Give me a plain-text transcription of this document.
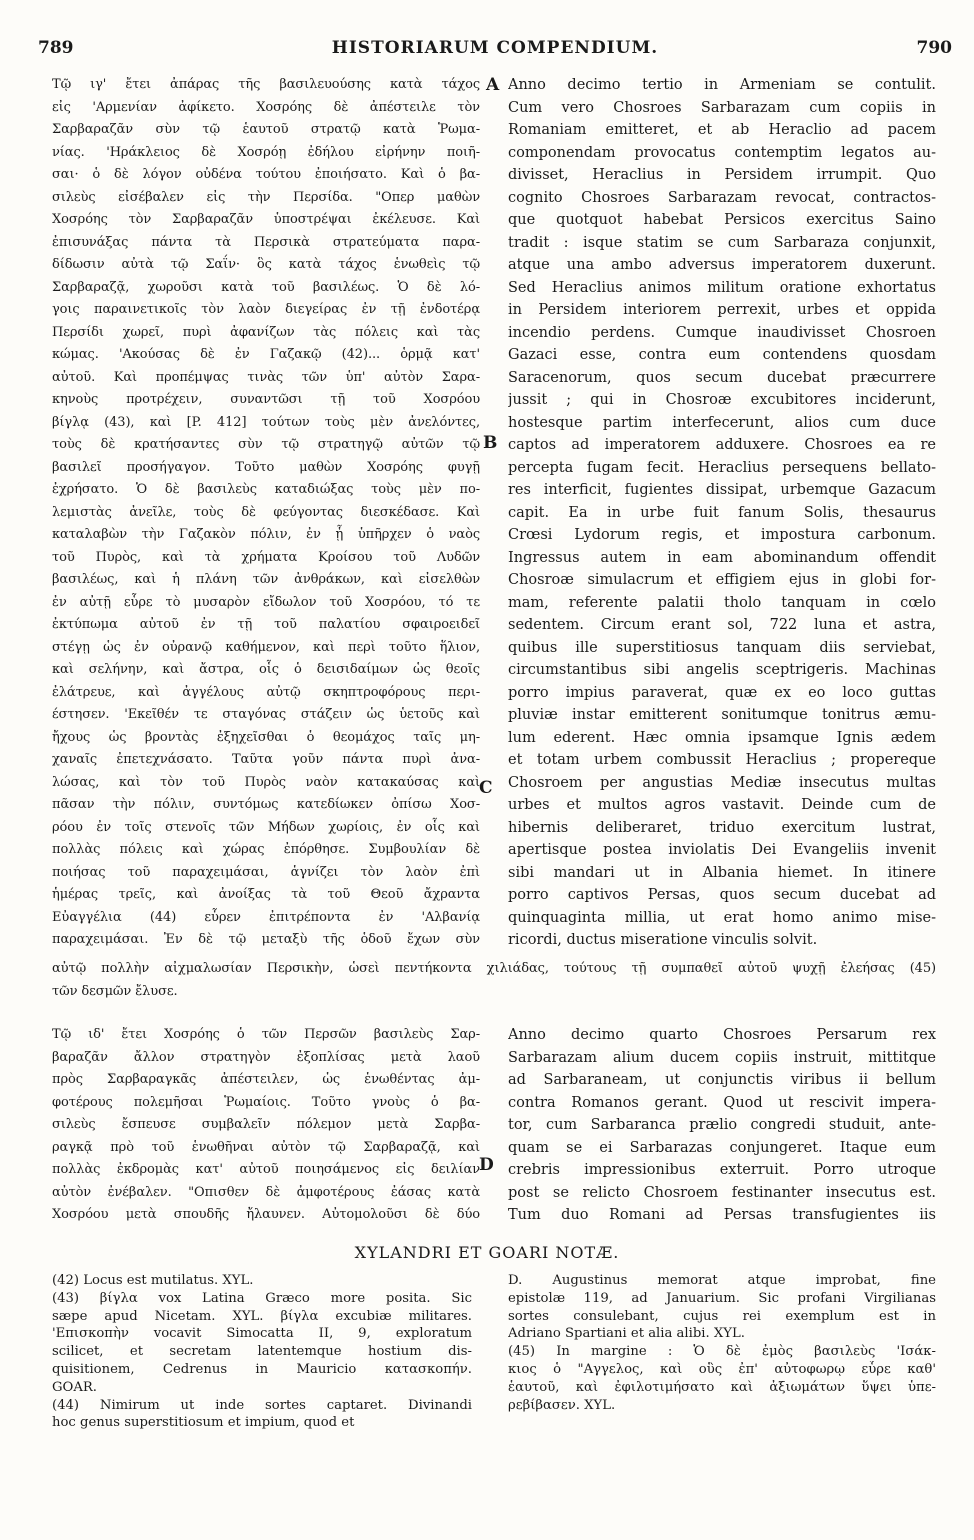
789	HISTORIARUM COMPENDIUM.	790
Τῷ ιγ' ἔτει ἀπάρας τῆς βασιλευούσης κατὰ τάχος
εἰς 'Αρμενίαν ἀφίκετο. Χοσρόης δὲ ἀπέστειλε τὸν
Σαρβαραζᾶν σὺν τῷ ἑαυτοῦ στρατῷ κατὰ Ῥωμα-
νίας. 'Ηράκλειος δὲ Χοσρόῃ ἐδήλου εἰρήνην ποιῆ-
σαι· ὁ δὲ λόγον οὐδένα τούτου ἐποιήσατο. Καὶ ὁ βα-
σιλεὺς εἰσέβαλεν εἰς τὴν Περσίδα. "Οπερ μαθὼν
Χοσρόης τὸν Σαρβαραζᾶν ὑποστρέψαι ἐκέλευσε. Καὶ
ἐπισυνάξας πάντα τὰ Περσικὰ στρατεύματα παρα-
δίδωσιν αὐτὰ τῷ Σαΐν· ὃς κατὰ τάχος ἑνωθεὶς τῷ
Σαρβαραζᾷ, χωροῦσι κατὰ τοῦ βασιλέως. Ὁ δὲ λό-
γοις παραινετικοῖς τὸν λαὸν διεγείρας ἐν τῇ ἐνδοτέρᾳ
Περσίδι χωρεῖ, πυρὶ ἀφανίζων τὰς πόλεις καὶ τὰς
κώμας. 'Ακούσας δὲ ἐν Γαζακῷ (42)... ὁρμᾷ κατ'
αὐτοῦ. Καὶ προπέμψας τινὰς τῶν ὑπ' αὐτὸν Σαρα-
κηνοὺς προτρέχειν, συναντῶσι τῇ τοῦ Χοσρόου
βίγλᾳ (43), καὶ [P. 412] τούτων τοὺς μὲν ἀνελόντες,
τοὺς δὲ κρατήσαντες σὺν τῷ στρατηγῷ αὐτῶν τῷ
βασιλεῖ προσήγαγον. Τοῦτο μαθὼν Χοσρόης φυγῇ
ἐχρήσατο. Ὁ δὲ βασιλεὺς καταδιώξας τοὺς μὲν πο-
λεμιστὰς ἀνεῖλε, τοὺς δὲ φεύγοντας διεσκέδασε. Καὶ
καταλαβὼν τὴν Γαζακὸν πόλιν, ἐν ᾗ ὑπῆρχεν ὁ ναὸς
τοῦ Πυρὸς, καὶ τὰ χρήματα Κροίσου τοῦ Λυδῶν
βασιλέως, καὶ ἡ πλάνη τῶν ἀνθράκων, καὶ εἰσελθὼν
ἐν αὐτῇ εὗρε τὸ μυσαρὸν εἴδωλον τοῦ Χοσρόου, τό τε
ἐκτύπωμα αὐτοῦ ἐν τῇ τοῦ παλατίου σφαιροειδεῖ
στέγῃ ὡς ἐν οὐρανῷ καθήμενον, καὶ περὶ τοῦτο ἥλιον,
καὶ σελήνην, καὶ ἄστρα, οἷς ὁ δεισιδαίμων ὡς θεοῖς
ἐλάτρευε, καὶ ἀγγέλους αὐτῷ σκηπτροφόρους περι-
έστησεν. 'Εκεῖθέν τε σταγόνας στάζειν ὡς ὑετοῦς καὶ
ἤχους ὡς βροντὰς ἐξηχεῖσθαι ὁ θεομάχος ταῖς μη-
χαναῖς ἐπετεχνάσατο. Ταῦτα γοῦν πάντα πυρὶ ἀνα-
λώσας, καὶ τὸν τοῦ Πυρὸς ναὸν κατακαύσας καὶ
πᾶσαν τὴν πόλιν, συντόμως κατεδίωκεν ὀπίσω Χοσ-
ρόου ἐν τοῖς στενοῖς τῶν Μήδων χωρίοις, ἐν οἷς καὶ
πολλὰς πόλεις καὶ χώρας ἐπόρθησε. Συμβουλίαν δὲ
ποιήσας τοῦ παραχειμάσαι, ἁγνίζει τὸν λαὸν ἐπὶ
ἡμέρας τρεῖς, καὶ ἀνοίξας τὰ τοῦ Θεοῦ ἄχραντα
Εὐαγγέλια (44) εὗρεν ἐπιτρέποντα ἐν 'Αλβανίᾳ
παραχειμάσαι. Ἐν δὲ τῷ μεταξὺ τῆς ὁδοῦ ἔχων σὺν
Anno decimo tertio in Armeniam se contulit.
Cum vero Chosroes Sarbarazam cum copiis in
Romaniam emitteret, et ab Heraclio ad pacem
componendam provocatus contemptim legatos au-
divisset, Heraclius in Persidem irrumpit. Quo
cognito Chosroes Sarbarazam revocat, contractos-
que quotquot habebat Persicos exercitus Saino
tradit : isque statim se cum Sarbaraza conjunxit,
atque una ambo adversus imperatorem duxerunt.
Sed Heraclius animos militum oratione exhortatus
in Persidem interiorem perrexit, urbes et oppida
incendio perdens. Cumque inaudivisset Chosroen
Gazaci esse, contra eum contendens quosdam
Saracenorum, quos secum ducebat præcurrere
jussit ; qui in Chosroæ excubitores inciderunt,
hostesque partim interfecerunt, alios cum duce
captos ad imperatorem adduxere. Chosroes ea re
percepta fugam fecit. Heraclius persequens bellato-
res interficit, fugientes dissipat, urbemque Gazacum
capit. Ea in urbe fuit fanum Solis, thesaurus
Crœsi Lydorum regis, et impostura carbonum.
Ingressus autem in eam abominandum offendit
Chosroæ simulacrum et effigiem ejus in globi for-
mam, referente palatii tholo tanquam in cœlo
sedentem. Circum erant sol, 722 luna et astra,
quibus ille superstitiosus tanquam diis serviebat,
circumstantibus sibi angelis sceptrigeris. Machinas
porro impius paraverat, quæ ex eo loco guttas
pluviæ instar emitterent sonitumque tonitrus æmu-
lum ederent. Hæc omnia ipsamque Ignis ædem
et totam urbem combussit Heraclius ; propereque
Chosroem per angustias Mediæ insecutus multas
urbes et multos agros vastavit. Deinde cum de
hibernis deliberaret, triduo exercitum lustrat,
apertisque postea inviolatis Dei Evangeliis invenit
sibi mandari ut in Albania hiemet. In itinere
porro captivos Persas, quos secum ducebat ad
quinquaginta millia, ut erat homo animo mise-
ricordi, ductus miseratione vinculis solvit.
A
B
C
D
αὐτῷ πολλὴν αἰχμαλωσίαν Περσικὴν, ὡσεὶ πεντήκοντα χιλιάδας, τούτους τῇ συμπαθεῖ αὐτοῦ ψυχῇ ἐλεήσας (45)
τῶν δεσμῶν ἔλυσε.
Τῷ ιδ' ἔτει Χοσρόης ὁ τῶν Περσῶν βασιλεὺς Σαρ-
βαραζᾶν ἄλλον στρατηγὸν ἐξοπλίσας μετὰ λαοῦ
πρὸς Σαρβαραγκᾶς ἀπέστειλεν, ὡς ἑνωθέντας ἀμ-
φοτέρους πολεμῆσαι Ῥωμαίοις. Τοῦτο γνοὺς ὁ βα-
σιλεὺς ἔσπευσε συμβαλεῖν πόλεμον μετὰ Σαρβα-
ραγκᾷ πρὸ τοῦ ἑνωθῆναι αὐτὸν τῷ Σαρβαραζᾷ, καὶ
πολλὰς ἐκδρομὰς κατ' αὐτοῦ ποιησάμενος εἰς δειλίαν
αὐτὸν ἐνέβαλεν. "Οπισθεν δὲ ἀμφοτέρους ἐάσας κατὰ
Χοσρόου μετὰ σπουδῆς ἤλαυνεν. Αὐτομολοῦσι δὲ δύο
Anno decimo quarto Chosroes Persarum rex
Sarbarazam alium ducem copiis instruit, mittitque
ad Sarbaraneam, ut conjunctis viribus ii bellum
contra Romanos gerant. Quod ut rescivit impera-
tor, cum Sarbaranca prælio congredi studuit, ante-
quam se ei Sarbarazas conjungeret. Itaque eum
crebris impressionibus exterruit. Porro utroque
post se relicto Chosroem festinanter insecutus est.
Tum duo Romani ad Persas transfugientes iis
XYLANDRI ET GOARI NOTÆ.
(42) Locus est mutilatus. XYL.
(43) βίγλα vox Latina Græco more posita. Sic
sæpe apud Nicetam. XYL. βίγλα excubiæ militares.
'Επισκοπὴν vocavit Simocatta II, 9, exploratum
scilicet, et secretam latentemque hostium dis-
quisitionem, Cedrenus in Mauricio κατασκοπήν.
GOAR.
(44) Nimirum ut inde sortes captaret. Divinandi
hoc genus superstitiosum et impium, quod et
D. Augustinus memorat atque improbat, fine
epistolæ 119, ad Januarium. Sic profani Virgilianas
sortes consulebant, cujus rei exemplum est in
Adriano Spartiani et alia alibi. XYL.
(45) In margine : Ὁ δὲ ἐμὸς βασιλεὺς 'Ισάκ-
κιος ὁ "Αγγελος, καὶ οὓς ἐπ' αὐτοφωρῳ εὗρε καθ'
ἑαυτοῦ, καὶ ἐφιλοτιμήσατο καὶ ἀξιωμάτων ὕψει ὑπε-
ρεβίβασεν. XYL.
